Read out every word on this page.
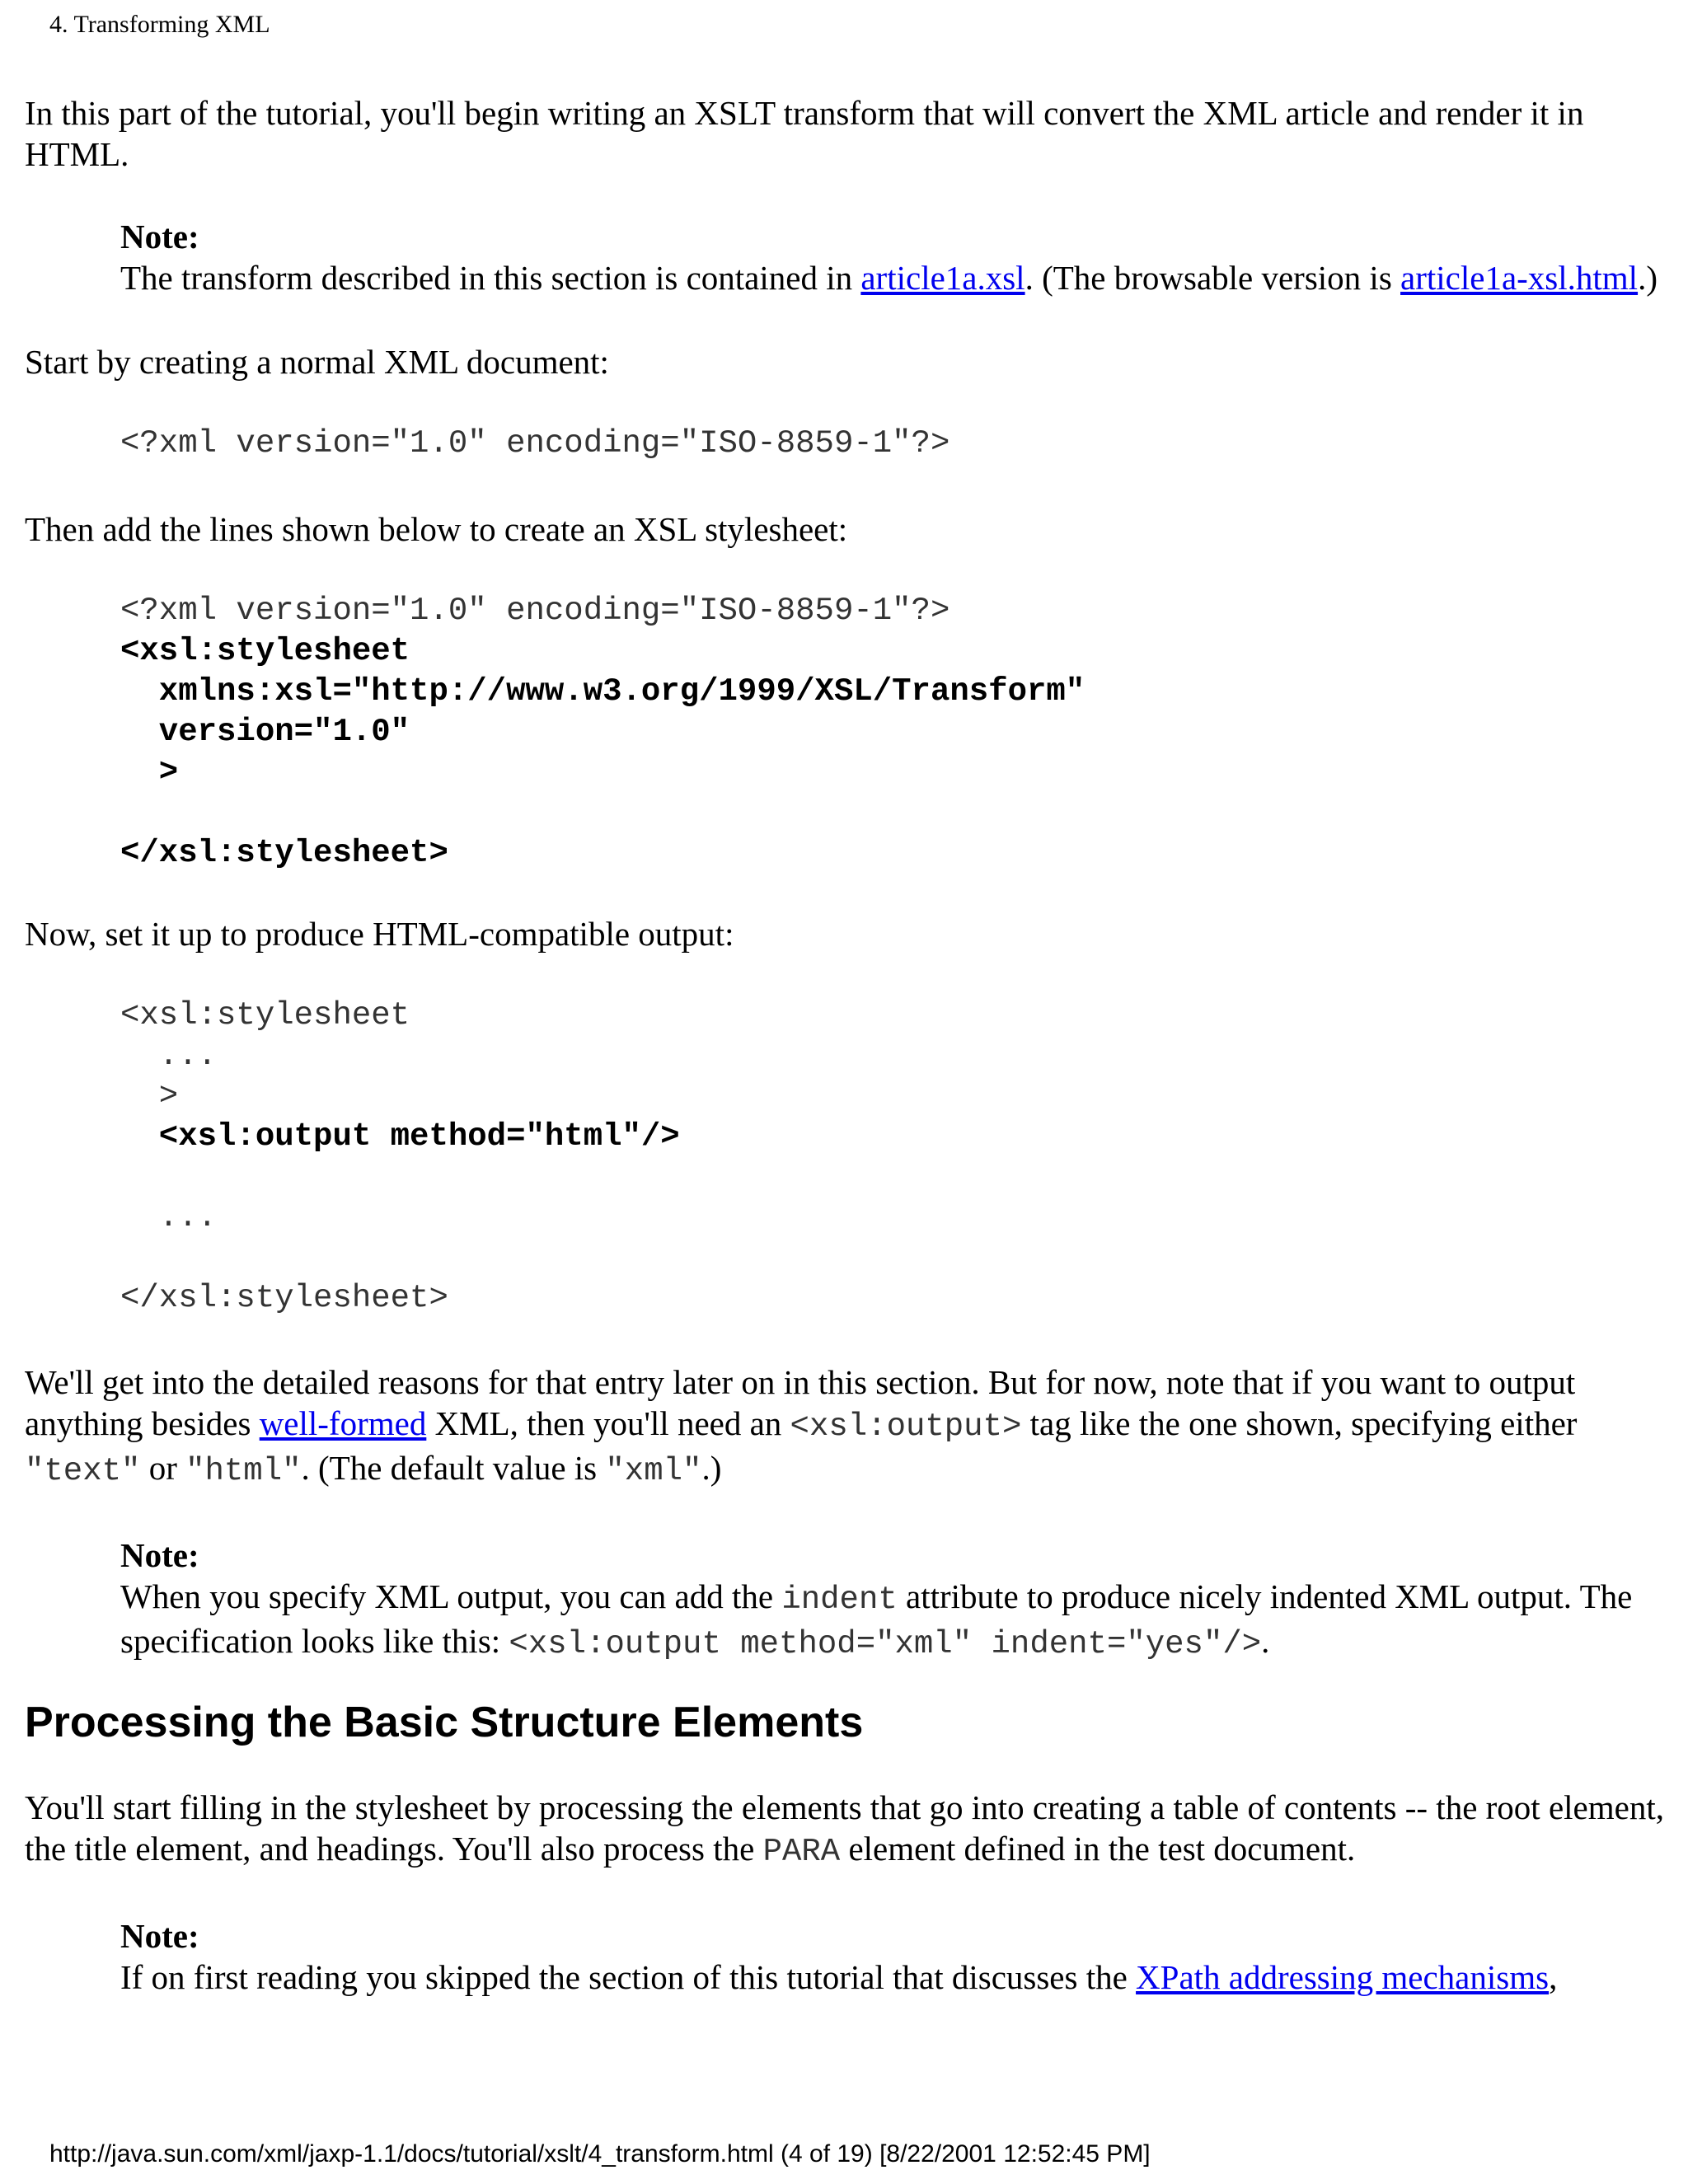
4. Transforming XML

In this part of the tutorial, you'll begin writing an XSLT transform that will convert the XML article and render it in HTML.

Note:
The transform described in this section is contained in article1a.xsl. (The browsable version is article1a-xsl.html.)

Start by creating a normal XML document:

<?xml version="1.0" encoding="ISO-8859-1"?>

Then add the lines shown below to create an XSL stylesheet:

<?xml version="1.0" encoding="ISO-8859-1"?>
<xsl:stylesheet
xmlns:xsl="http://www.w3.org/1999/XSL/Transform"
version="1.0"
>

</xsl:stylesheet>

Now, set it up to produce HTML-compatible output:

<xsl:stylesheet
...
>
<xsl:output method="html"/>

...

</xsl:stylesheet>

We'll get into the detailed reasons for that entry later on in this section. But for now, note that if you want to output anything besides well-formed XML, then you'll need an <xsl:output> tag like the one shown, specifying either "text" or "html". (The default value is "xml".)

Note:
When you specify XML output, you can add the indent attribute to produce nicely indented XML output. The specification looks like this: <xsl:output method="xml" indent="yes"/>.
Processing the Basic Structure Elements

You'll start filling in the stylesheet by processing the elements that go into creating a table of contents -- the root element, the title element, and headings. You'll also process the PARA element defined in the test document.

Note:
If on first reading you skipped the section of this tutorial that discusses the XPath addressing mechanisms,
http://java.sun.com/xml/jaxp-1.1/docs/tutorial/xslt/4_transform.html (4 of 19) [8/22/2001 12:52:45 PM]
